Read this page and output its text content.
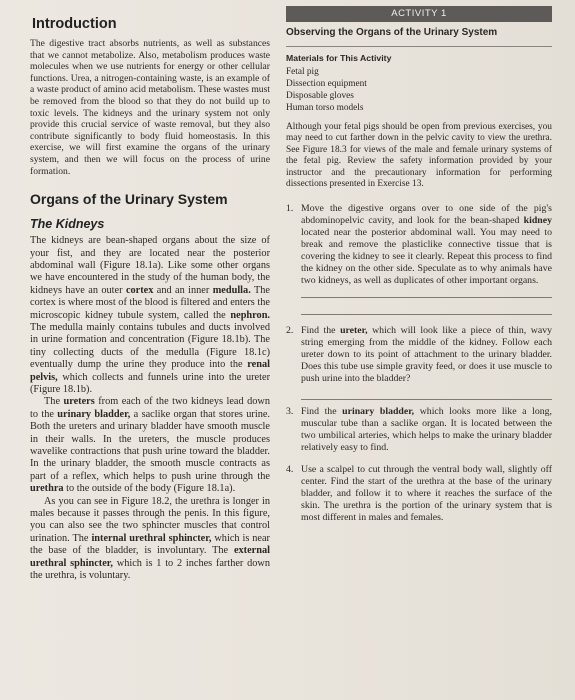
Introduction

The digestive tract absorbs nutrients, as well as substances that we cannot metabolize. Also, metabolism produces waste molecules when we use nutrients for energy or other cellular functions. Urea, a nitrogen-containing waste, is an example of a waste product of amino acid metabolism. These wastes must be removed from the blood so that they do not build up to toxic levels. The kidneys and the urinary system not only provide this crucial service of waste removal, but they also contribute significantly to body fluid homeostasis. In this exercise, we will first examine the organs of the urinary system, and then we will focus on the process of urine formation.

Organs of the Urinary System
The Kidneys

The kidneys are bean-shaped organs about the size of your fist, and they are located near the posterior abdominal wall (Figure 18.1a). Like some other organs we have encountered in the study of the human body, the kidneys have an outer cortex and an inner medulla. The cortex is where most of the blood is filtered and enters the microscopic kidney tubule system, called the nephron. The medulla mainly contains tubules and ducts involved in urine formation and concentration (Figure 18.1b). The tiny collecting ducts of the medulla (Figure 18.1c) eventually dump the urine they produce into the renal pelvis, which collects and funnels urine into the ureter (Figure 18.1b).

The ureters from each of the two kidneys lead down to the urinary bladder, a saclike organ that stores urine. Both the ureters and urinary bladder have smooth muscle in their walls. In the ureters, the muscle produces wavelike contractions that push urine toward the bladder. In the urinary bladder, the smooth muscle contracts as part of a reflex, which helps to push urine through the urethra to the outside of the body (Figure 18.1a).

As you can see in Figure 18.2, the urethra is longer in males because it passes through the penis. In this figure, you can also see the two sphincter muscles that control urination. The internal urethral sphincter, which is near the base of the bladder, is involuntary. The external urethral sphincter, which is 1 to 2 inches farther down the urethra, is voluntary.

ACTIVITY 1
Observing the Organs of the Urinary System
Materials for This Activity
Fetal pig
Dissection equipment
Disposable gloves
Human torso models

Although your fetal pigs should be open from previous exercises, you may need to cut farther down in the pelvic cavity to view the urethra. See Figure 18.3 for views of the male and female urinary systems of the fetal pig. Review the safety information provided by your instructor and the precautionary information for performing dissections presented in Exercise 13.

1. Move the digestive organs over to one side of the pig's abdominopelvic cavity, and look for the bean-shaped kidney located near the posterior abdominal wall. You may need to break and remove the plasticlike connective tissue that is covering the kidney to see it clearly. Repeat this process to find the kidney on the other side. Speculate as to why animals have two kidneys, as well as duplicates of other important organs.
2. Find the ureter, which will look like a piece of thin, wavy string emerging from the middle of the kidney. Follow each ureter down to its point of attachment to the urinary bladder. Does this tube use simple gravity feed, or does it use muscle to push urine into the bladder?
3. Find the urinary bladder, which looks more like a long, muscular tube than a saclike organ. It is located between the two umbilical arteries, which helps to make the urinary bladder relatively easy to find.
4. Use a scalpel to cut through the ventral body wall, slightly off center. Find the start of the urethra at the base of the urinary bladder, and follow it to where it reaches the surface of the skin. The urethra is the portion of the urinary system that is most different in males and females.
